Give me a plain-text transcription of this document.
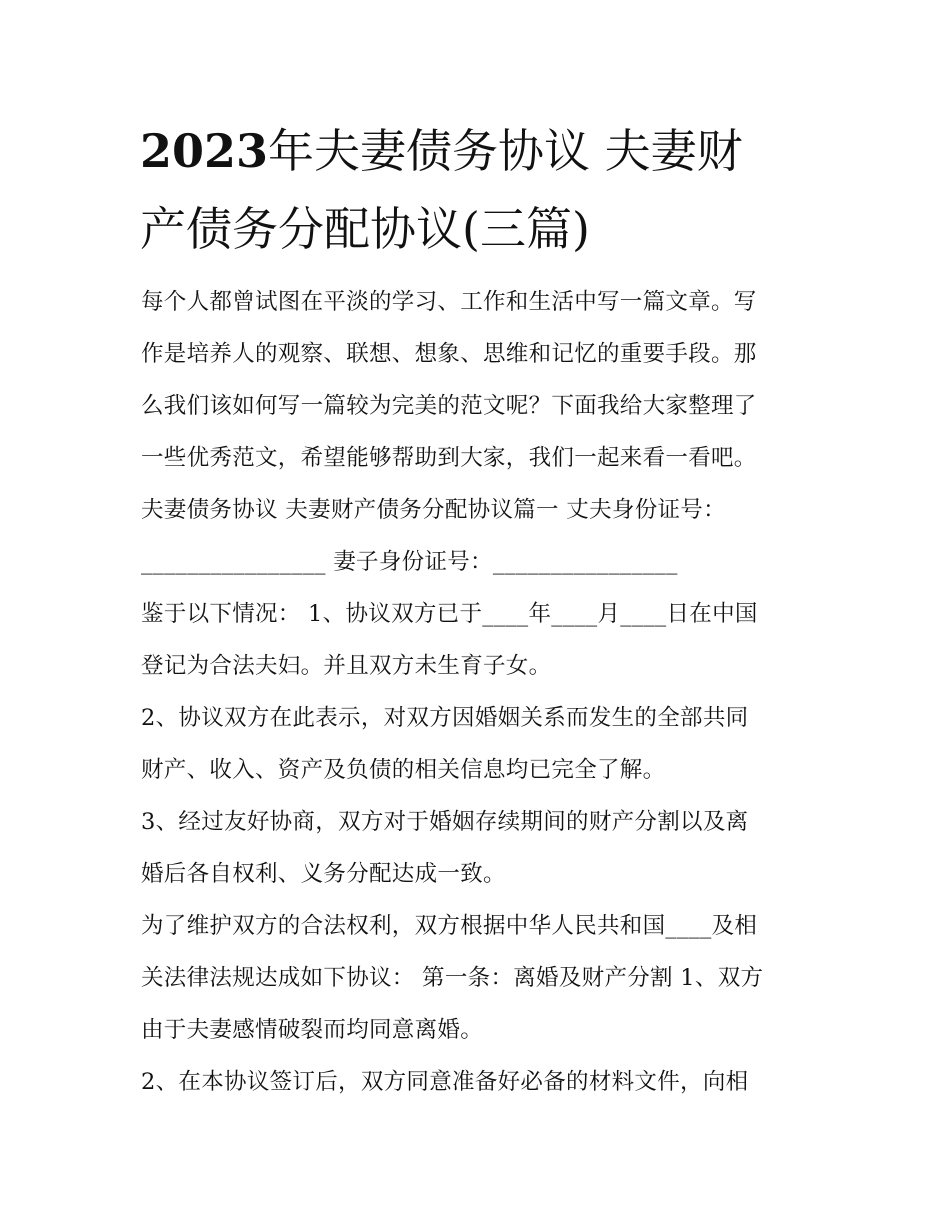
2023年夫妻债务协议 夫妻财
产债务分配协议(三篇)
每个人都曾试图在平淡的学习、工作和生活中写一篇文章。写
作是培养人的观察、联想、想象、思维和记忆的重要手段。那
么我们该如何写一篇较为完美的范文呢？下面我给大家整理了
一些优秀范文，希望能够帮助到大家，我们一起来看一看吧。
夫妻债务协议 夫妻财产债务分配协议篇一 丈夫身份证号：
________________ 妻子身份证号：________________
鉴于以下情况： 1、协议双方已于____年____月____日在中国
登记为合法夫妇。并且双方未生育子女。
2、协议双方在此表示，对双方因婚姻关系而发生的全部共同
财产、收入、资产及负债的相关信息均已完全了解。
3、经过友好协商，双方对于婚姻存续期间的财产分割以及离
婚后各自权利、义务分配达成一致。
为了维护双方的合法权利，双方根据中华人民共和国____及相
关法律法规达成如下协议： 第一条：离婚及财产分割 1、双方
由于夫妻感情破裂而均同意离婚。
2、在本协议签订后，双方同意准备好必备的材料文件，向相
